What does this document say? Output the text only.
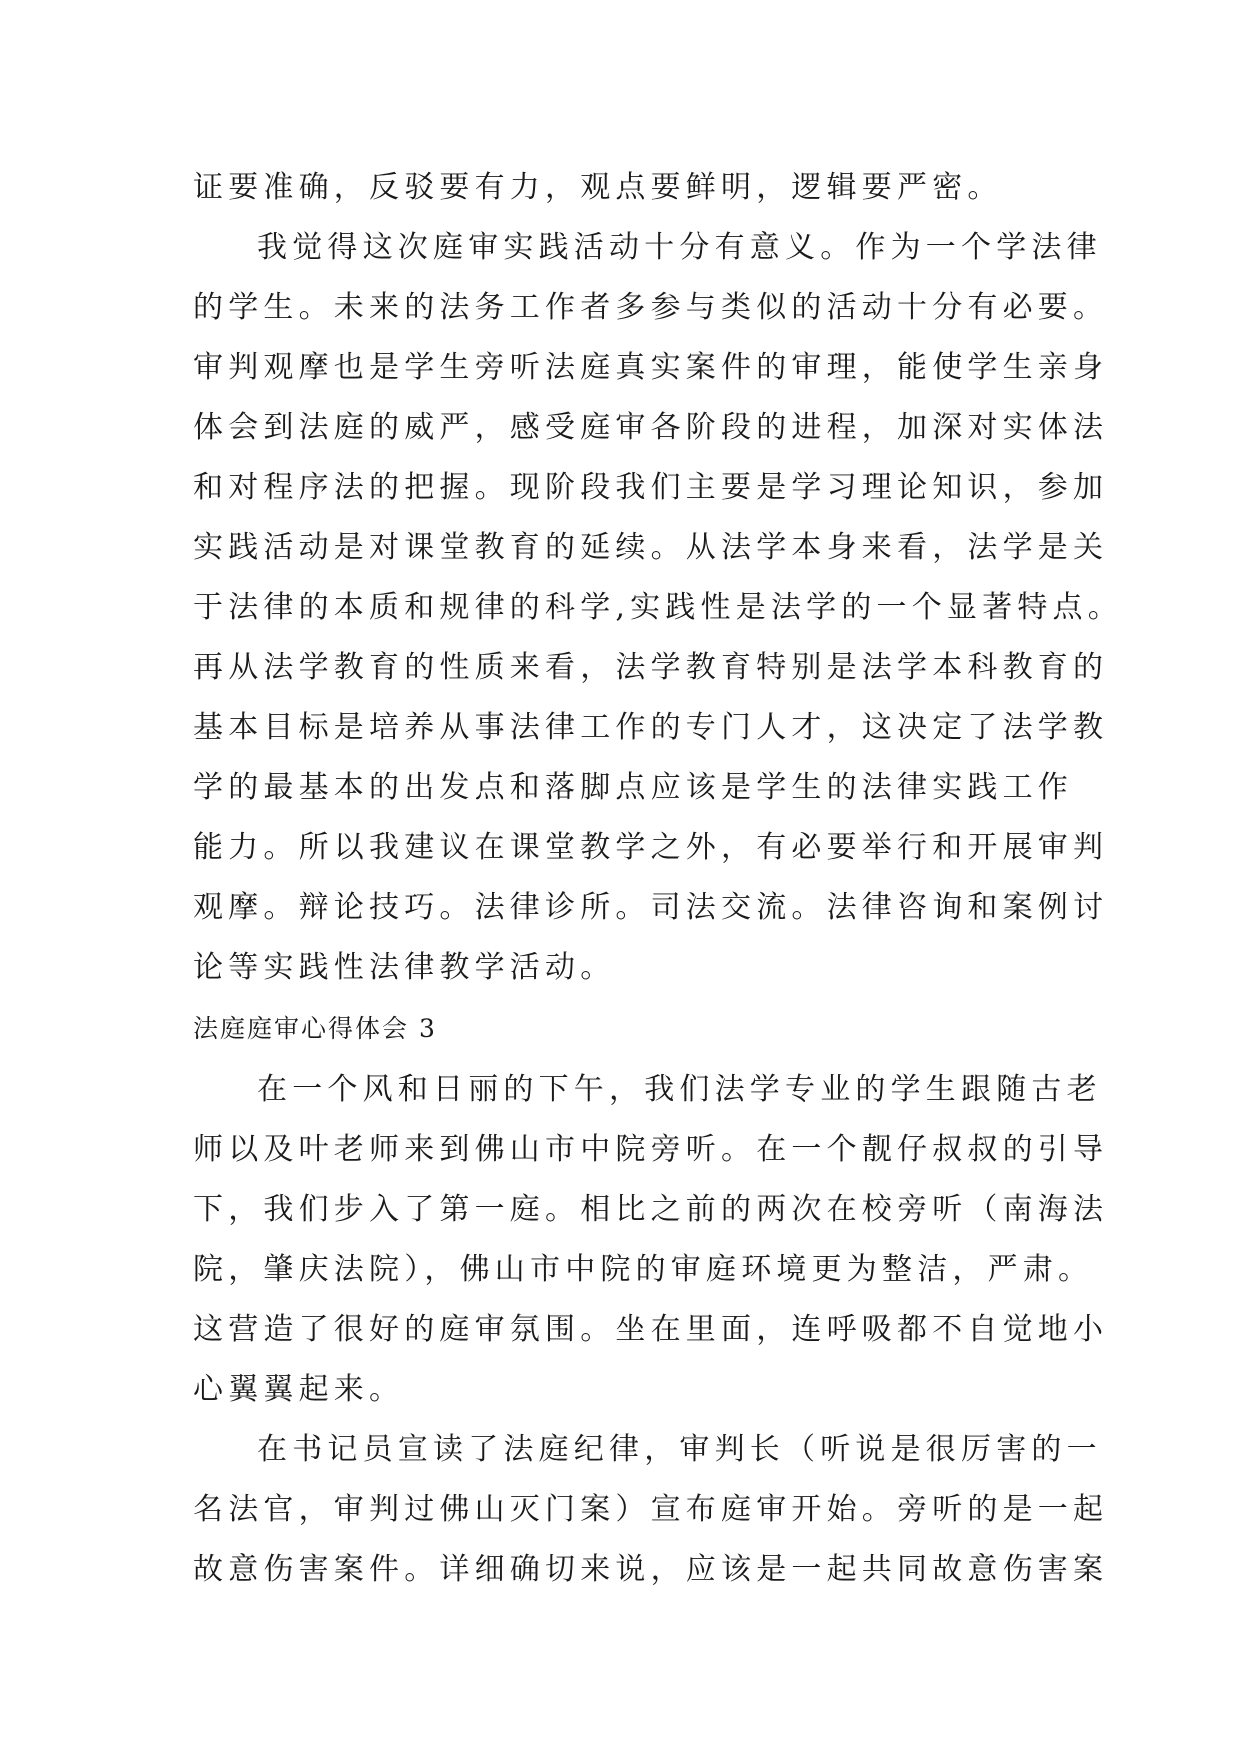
证要准确，反驳要有力，观点要鲜明，逻辑要严密。
我觉得这次庭审实践活动十分有意义。作为一个学法律
的学生。未来的法务工作者多参与类似的活动十分有必要。
审判观摩也是学生旁听法庭真实案件的审理，能使学生亲身
体会到法庭的威严，感受庭审各阶段的进程，加深对实体法
和对程序法的把握。现阶段我们主要是学习理论知识，参加
实践活动是对课堂教育的延续。从法学本身来看，法学是关
于法律的本质和规律的科学,实践性是法学的一个显著特点。
再从法学教育的性质来看，法学教育特别是法学本科教育的
基本目标是培养从事法律工作的专门人才，这决定了法学教
学的最基本的出发点和落脚点应该是学生的法律实践工作
能力。所以我建议在课堂教学之外，有必要举行和开展审判
观摩。辩论技巧。法律诊所。司法交流。法律咨询和案例讨
论等实践性法律教学活动。
法庭庭审心得体会 3
在一个风和日丽的下午，我们法学专业的学生跟随古老
师以及叶老师来到佛山市中院旁听。在一个靓仔叔叔的引导
下，我们步入了第一庭。相比之前的两次在校旁听（南海法
院，肇庆法院），佛山市中院的审庭环境更为整洁，严肃。
这营造了很好的庭审氛围。坐在里面，连呼吸都不自觉地小
心翼翼起来。
在书记员宣读了法庭纪律，审判长（听说是很厉害的一
名法官，审判过佛山灭门案）宣布庭审开始。旁听的是一起
故意伤害案件。详细确切来说，应该是一起共同故意伤害案
